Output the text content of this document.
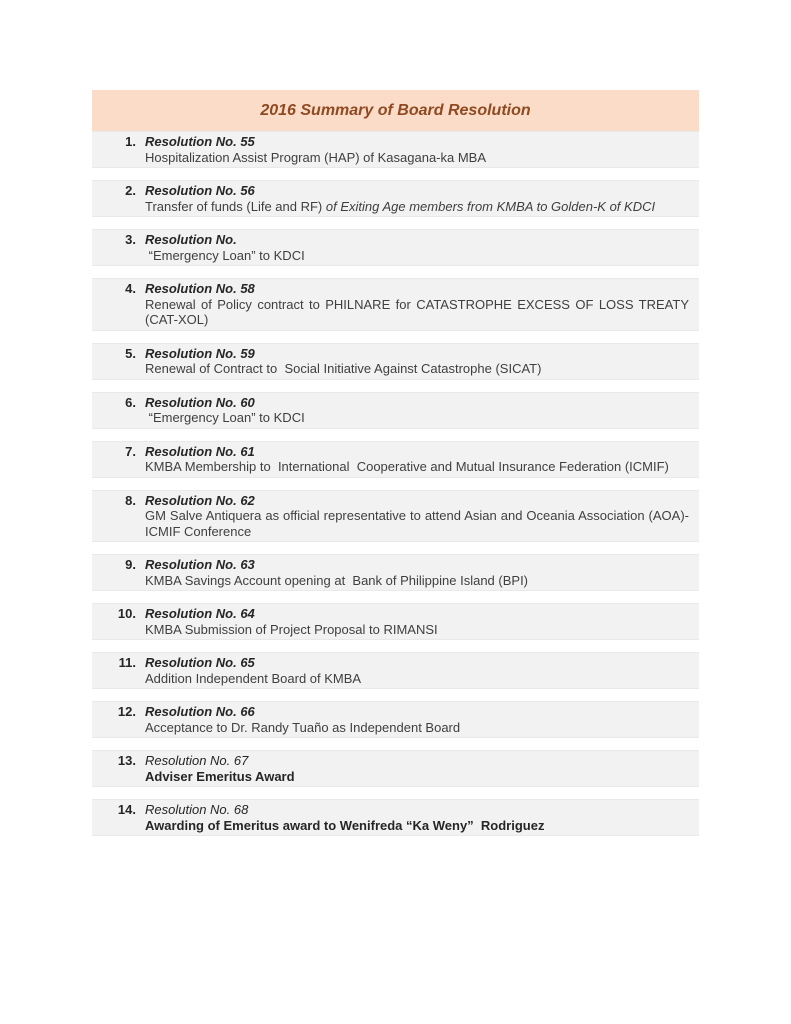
2016 Summary of Board Resolution
1. Resolution No. 55
Hospitalization Assist Program (HAP) of Kasagana-ka MBA
2. Resolution No. 56
Transfer of funds (Life and RF) of Exiting Age members from KMBA to Golden-K of KDCI
3. Resolution No.
“Emergency Loan” to KDCI
4. Resolution No. 58
Renewal of Policy contract to PHILNARE for CATASTROPHE EXCESS OF LOSS TREATY (CAT-XOL)
5. Resolution No. 59
Renewal of Contract to  Social Initiative Against Catastrophe (SICAT)
6. Resolution No. 60
“Emergency Loan” to KDCI
7. Resolution No. 61
KMBA Membership to  International  Cooperative and Mutual Insurance Federation (ICMIF)
8. Resolution No. 62
GM Salve Antiquera as official representative to attend Asian and Oceania Association (AOA)-ICMIF Conference
9. Resolution No. 63
KMBA Savings Account opening at  Bank of Philippine Island (BPI)
10. Resolution No. 64
KMBA Submission of Project Proposal to RIMANSI
11. Resolution No. 65
Addition Independent Board of KMBA
12. Resolution No. 66
Acceptance to Dr. Randy Tuaño as Independent Board
13. Resolution No. 67
Adviser Emeritus Award
14. Resolution No. 68
Awarding of Emeritus award to Wenifreda “Ka Weny”  Rodriguez
